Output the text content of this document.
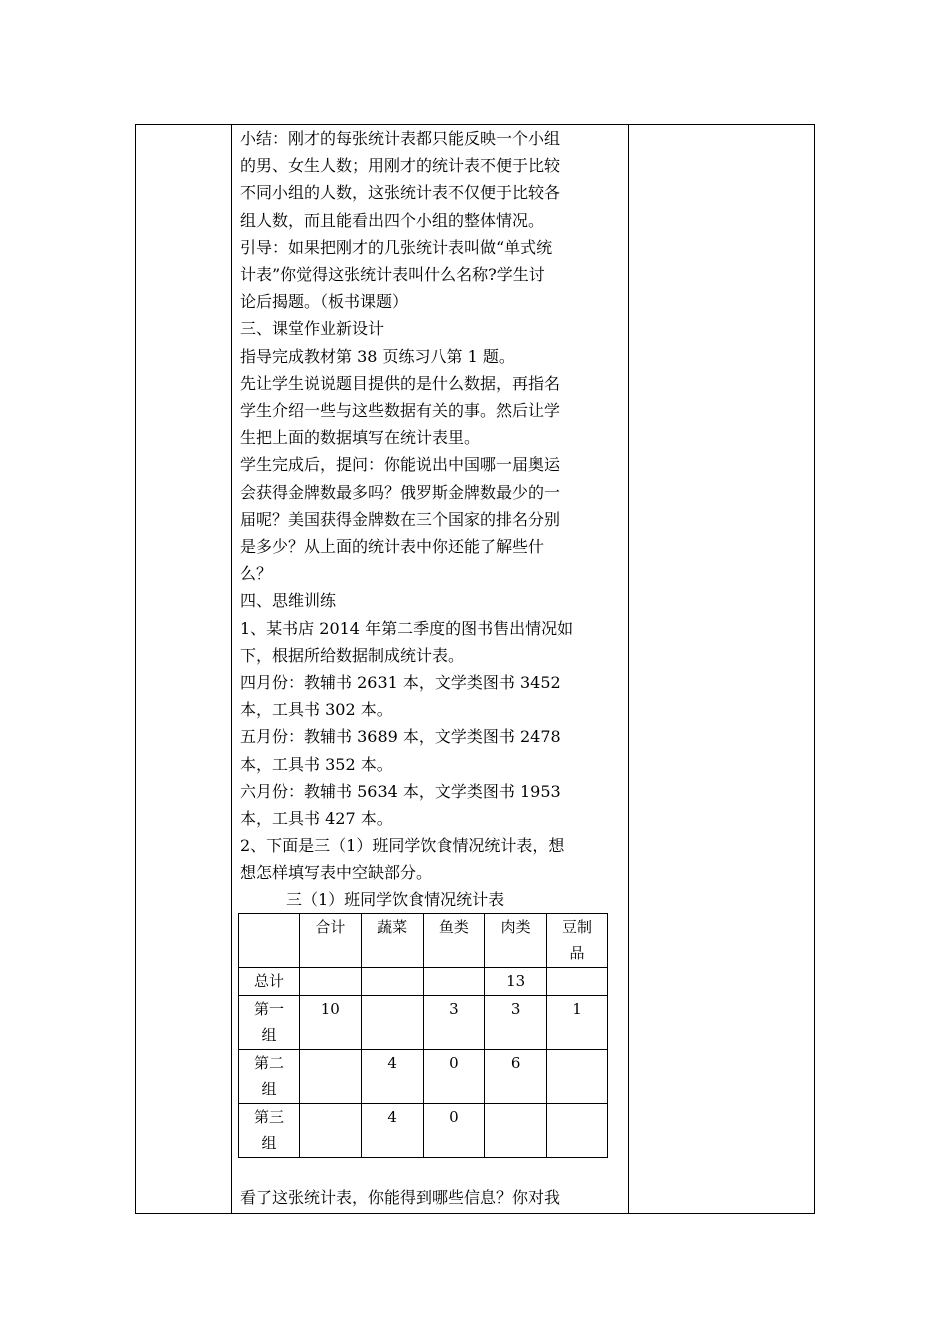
小结：刚才的每张统计表都只能反映一个小组

的男、女生人数；用刚才的统计表不便于比较

不同小组的人数，这张统计表不仅便于比较各

组人数，而且能看出四个小组的整体情况。

引导：如果把刚才的几张统计表叫做“单式统

计表”你觉得这张统计表叫什么名称?学生讨

论后揭题。（板书课题）

三、课堂作业新设计

指导完成教材第 38 页练习八第 1 题。

先让学生说说题目提供的是什么数据，再指名

学生介绍一些与这些数据有关的事。然后让学

生把上面的数据填写在统计表里。

学生完成后，提问：你能说出中国哪一届奥运

会获得金牌数最多吗？俄罗斯金牌数最少的一

届呢？美国获得金牌数在三个国家的排名分别

是多少？从上面的统计表中你还能了解些什

么？

四、思维训练

1、某书店 2014 年第二季度的图书售出情况如

下，根据所给数据制成统计表。

四月份：教辅书 2631 本，文学类图书 3452

本，工具书 302 本。

五月份：教辅书 3689 本，文学类图书 2478

本，工具书 352 本。

六月份：教辅书 5634 本，文学类图书 1953

本，工具书 427 本。

2、下面是三（1）班同学饮食情况统计表，想

想怎样填写表中空缺部分。

三（1）班同学饮食情况统计表

	合计	蔬菜	鱼类	肉类	豆制品
总计				13	
第一组	10		3	3	1
第二组		4	0	6	
第三组		4	0		

看了这张统计表，你能得到哪些信息？你对我
